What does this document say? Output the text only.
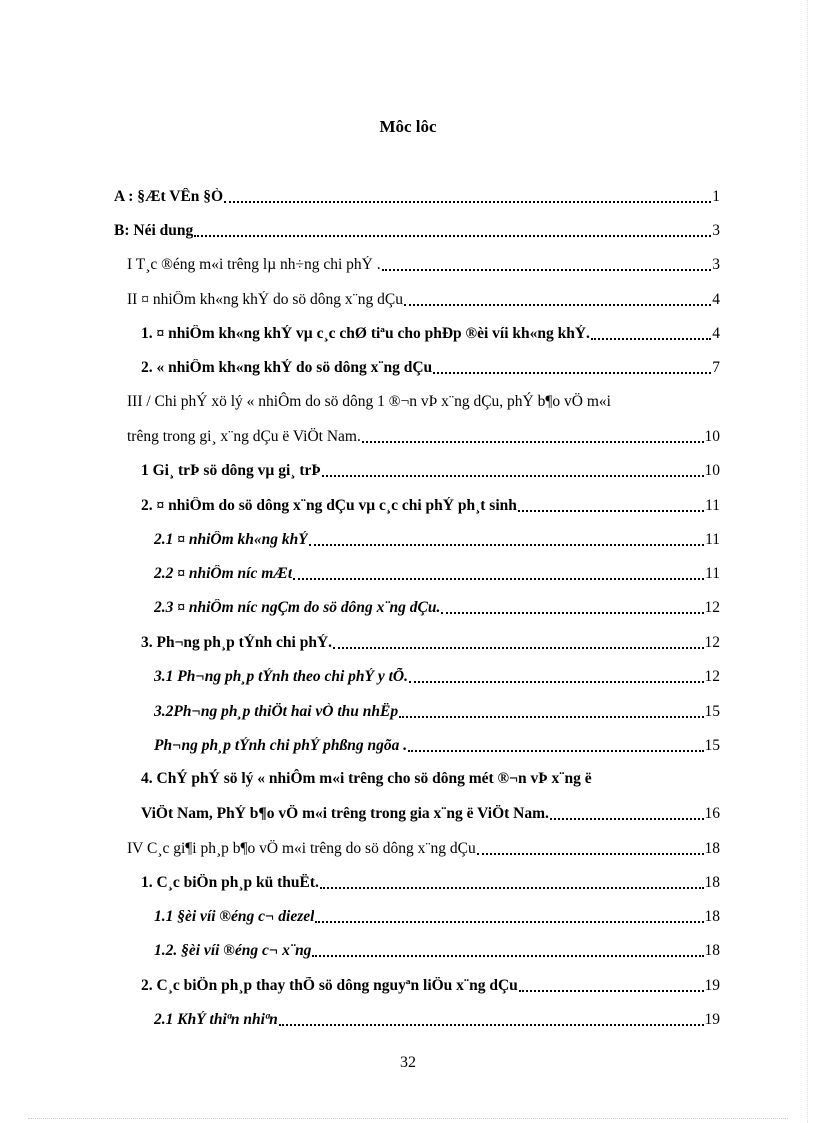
Môc lôc
A : §Æt VÊn §Ò	1
B: Néi dung	3
I T¸c ®éng m«i trêng lµ nh÷ng chi phÝ .	3
II ¤ nhiÔm kh«ng khÝ do sö dông x¨ng dÇu	4
1. ¤ nhiÔm kh«ng khÝ vµ c¸c chØ tiªu cho phÐp ®èi víi kh«ng khÝ.	4
2. « nhiÔm kh«ng khÝ do sö dông x¨ng dÇu	7
III / Chi phÝ xö lý « nhiÔm do sö dông 1 ®¬n vÞ x¨ng dÇu, phÝ b¶o vÖ m«i
trêng trong gi¸ x¨ng dÇu ë ViÖt Nam.	10
1 Gi¸ trÞ sö dông vµ gi¸ trÞ	10
2. ¤ nhiÔm do sö dông x¨ng dÇu vµ c¸c chi phÝ ph¸t sinh	11
2.1 ¤ nhiÔm kh«ng khÝ	11
2.2 ¤ nhiÔm níc mÆt	11
2.3 ¤ nhiÔm níc ngÇm do sö dông x¨ng dÇu.	12
3. Ph¬ng ph¸p tÝnh chi phÝ.	12
3.1 Ph¬ng ph¸p tÝnh theo chi phÝ y tÕ.	12
3.2Ph¬ng ph¸p thiÖt hai vÒ thu nhËp	15
Ph¬ng ph¸p tÝnh chi phÝ phßng ngõa .	15
4. ChÝ phÝ sö lý « nhiÔm m«i trêng cho sö dông mét ®¬n vÞ x¨ng ë
ViÖt Nam, PhÝ b¶o vÖ m«i trêng trong gia x¨ng ë ViÖt Nam.	16
IV C¸c gi¶i ph¸p b¶o vÖ m«i trêng do sö dông x¨ng dÇu	18
1. C¸c biÖn ph¸p kü thuËt.	18
1.1 §èi víi ®éng c¬ diezel	18
1.2. §èi víi ®éng c¬ x¨ng	18
2. C¸c biÖn ph¸p thay thÕ sö dông nguyªn liÖu x¨ng dÇu	19
2.1 KhÝ thiªn nhiªn	19
32
